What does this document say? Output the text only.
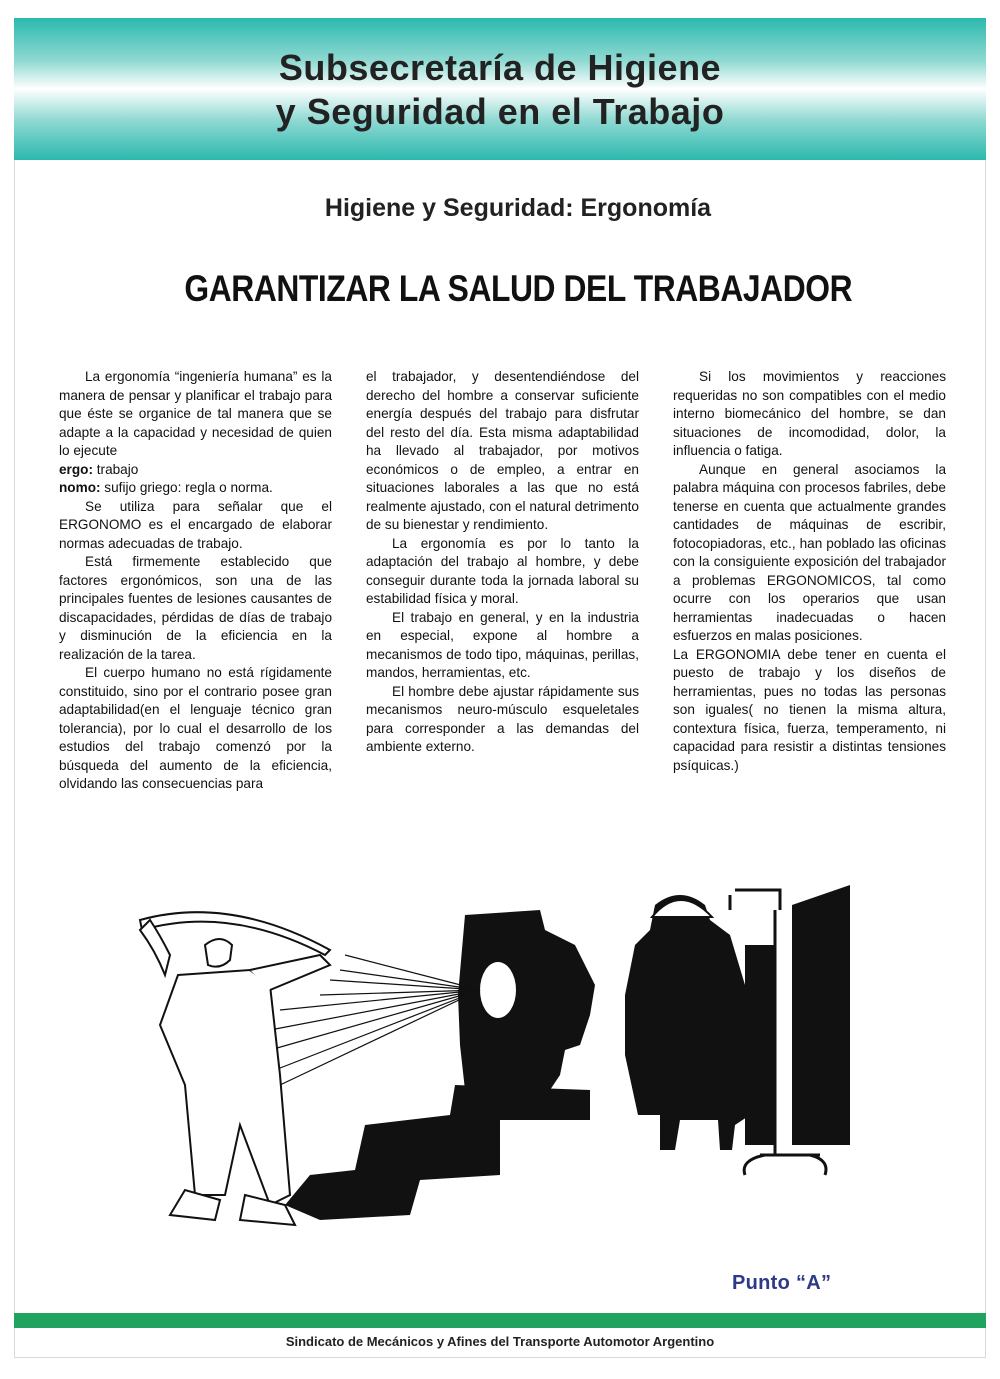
Subsecretaría de Higiene
y Seguridad en el Trabajo
Higiene y Seguridad: Ergonomía
GARANTIZAR LA SALUD DEL TRABAJADOR

La ergonomía “ingeniería humana” es la manera de pensar y planificar el trabajo para que éste se organice de tal manera que se adapte a la capacidad y necesidad de quien lo ejecute

ergo: trabajo

nomo: sufijo griego: regla o norma.

Se utiliza para señalar que el ERGONOMO es el encargado de elaborar normas adecuadas de trabajo.

Está firmemente establecido que factores ergonómicos, son una de las principales fuentes de lesiones causantes de discapacidades, pérdidas de días de trabajo y disminución de la eficiencia en la realización de la tarea.

El cuerpo humano no está rígidamente constituido, sino por el contrario posee gran adaptabilidad(en el lenguaje técnico gran tolerancia), por lo cual el desarrollo de los estudios del trabajo comenzó por la búsqueda del aumento de la eficiencia, olvidando las consecuencias para

el trabajador, y desentendiéndose del derecho del hombre a conservar suficiente energía después del trabajo para disfrutar del resto del día. Esta misma adaptabilidad ha llevado al trabajador, por motivos económicos o de empleo, a entrar en situaciones laborales a las que no está realmente ajustado, con el natural detrimento de su bienestar y rendimiento.

La ergonomía es por lo tanto la adaptación del trabajo al hombre, y debe conseguir durante toda la jornada laboral su estabilidad física y moral.

El trabajo en general, y en la industria en especial, expone al hombre a mecanismos de todo tipo, máquinas, perillas, mandos, herramientas, etc.

El hombre debe ajustar rápidamente sus mecanismos neuro-músculo esqueletales para corresponder a las demandas del ambiente externo.

Si los movimientos y reacciones requeridas no son compatibles con el medio interno biomecánico del hombre, se dan situaciones de incomodidad, dolor, la influencia o fatiga.

Aunque en general asociamos la palabra máquina con procesos fabriles, debe tenerse en cuenta que actualmente grandes cantidades de máquinas de escribir, fotocopiadoras, etc., han poblado las oficinas con la consiguiente exposición del trabajador a problemas ERGONOMICOS, tal como ocurre con los operarios que usan herramientas inadecuadas o hacen esfuerzos en malas posiciones.

La ERGONOMIA debe tener en cuenta el puesto de trabajo y los diseños de herramientas, pues no todas las personas son iguales( no tienen la misma altura, contextura física, fuerza, temperamento, ni capacidad para resistir a distintas tensiones psíquicas.)

Punto “A”
Sindicato de Mecánicos y Afines del Transporte Automotor Argentino
